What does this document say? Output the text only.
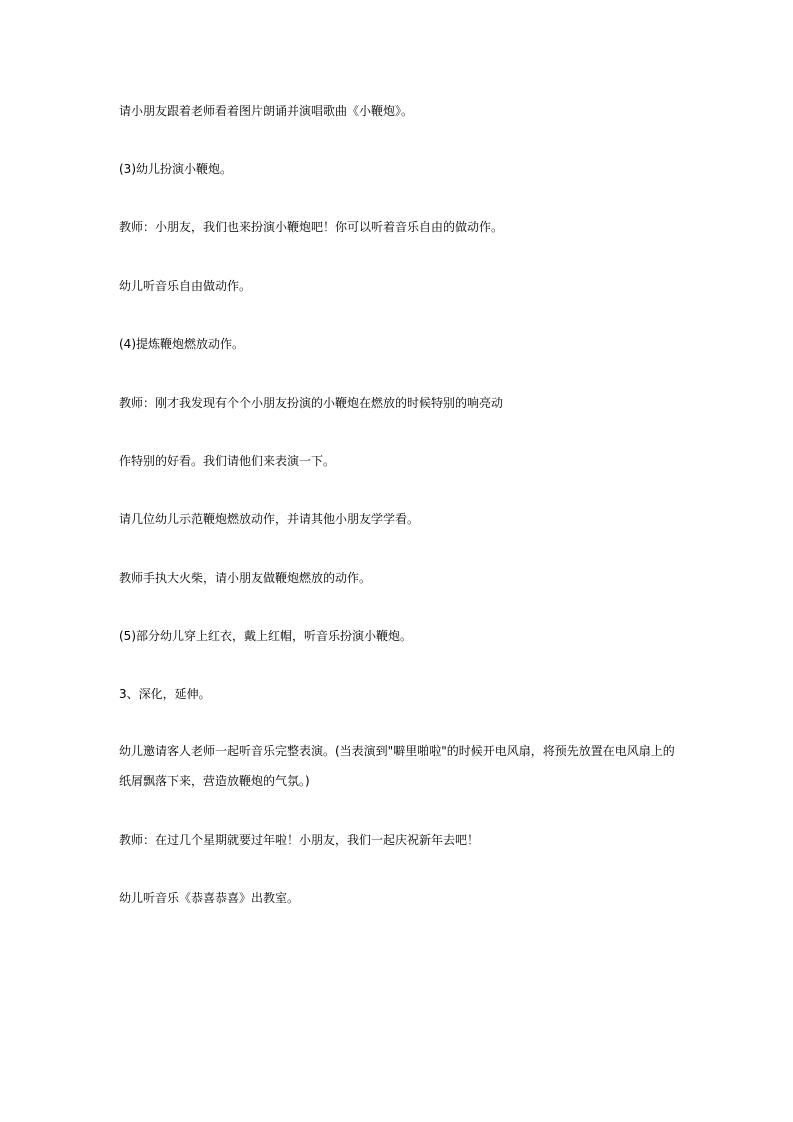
请小朋友跟着老师看着图片朗诵并演唱歌曲《小鞭炮》。
(3)幼儿扮演小鞭炮。
教师：小朋友，我们也来扮演小鞭炮吧！你可以听着音乐自由的做动作。
幼儿听音乐自由做动作。
(4)提炼鞭炮燃放动作。
教师：刚才我发现有个个小朋友扮演的小鞭炮在燃放的时候特别的响亮动
作特别的好看。我们请他们来表演一下。
请几位幼儿示范鞭炮燃放动作，并请其他小朋友学学看。
教师手执大火柴，请小朋友做鞭炮燃放的动作。
(5)部分幼儿穿上红衣，戴上红帽，听音乐扮演小鞭炮。
3、深化，延伸。
幼儿邀请客人老师一起听音乐完整表演。(当表演到"噼里啪啦"的时候开电风扇，将预先放置在电风扇上的
纸屑飘落下来，营造放鞭炮的气氛。)
教师：在过几个星期就要过年啦！小朋友，我们一起庆祝新年去吧！
幼儿听音乐《恭喜恭喜》出教室。
